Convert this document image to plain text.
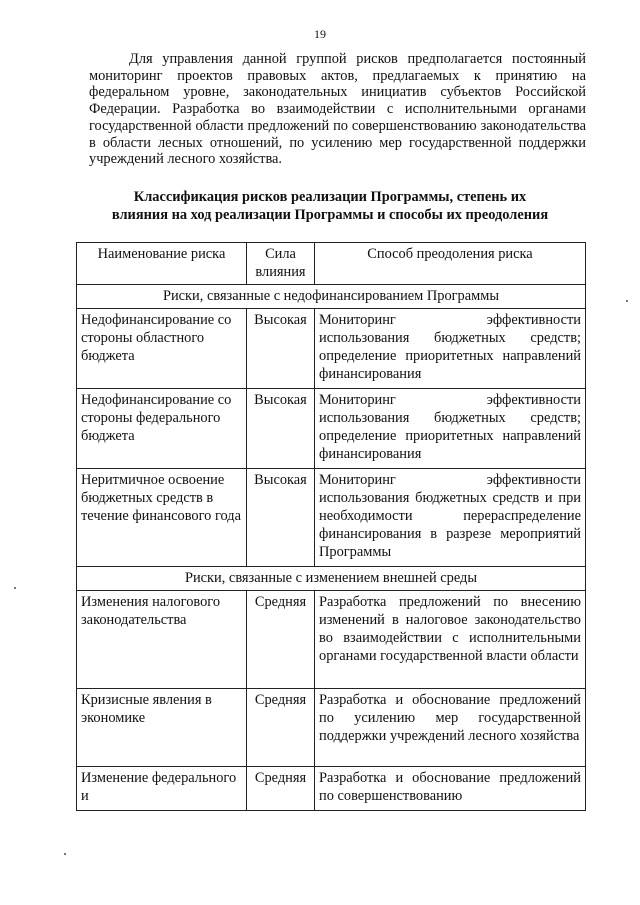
19

Для управления данной группой рисков предполагается постоянный мониторинг проектов правовых актов, предлагаемых к принятию на федеральном уровне, законодательных инициатив субъектов Российской Федерации. Разработка во взаимодействии с исполнительными органами государственной области предложений по совершенствованию законодательства в области лесных отношений, по усилению мер государственной поддержки учреждений лесного хозяйства.

Классификация рисков реализации Программы, степень их
влияния на ход реализации Программы и способы их преодоления
Наименование риска	Сила влияния	Способ преодоления риска
Риски, связанные с недофинансированием Программы		
Недофинансирование со стороны областного бюджета	Высокая	Мониторинг эффективности использования бюджетных средств; определение приоритетных направлений финансирования
Недофинансирование со стороны федерального бюджета	Высокая	Мониторинг эффективности использования бюджетных средств; определение приоритетных направлений финансирования
Неритмичное освоение бюджетных средств в течение финансового года	Высокая	Мониторинг эффективности использования бюджетных средств и при необходимости перераспределение финансирования в разрезе мероприятий Программы
Риски, связанные с изменением внешней среды		
Изменения налогового законодательства	Средняя	Разработка предложений по внесению изменений в налоговое законодательство во взаимодействии с исполнительными органами государственной власти области
Кризисные явления в экономике	Средняя	Разработка и обоснование предложений по усилению мер государственной поддержки учреждений лесного хозяйства
Изменение федерального и	Средняя	Разработка и обоснование предложений по совершенствованию
